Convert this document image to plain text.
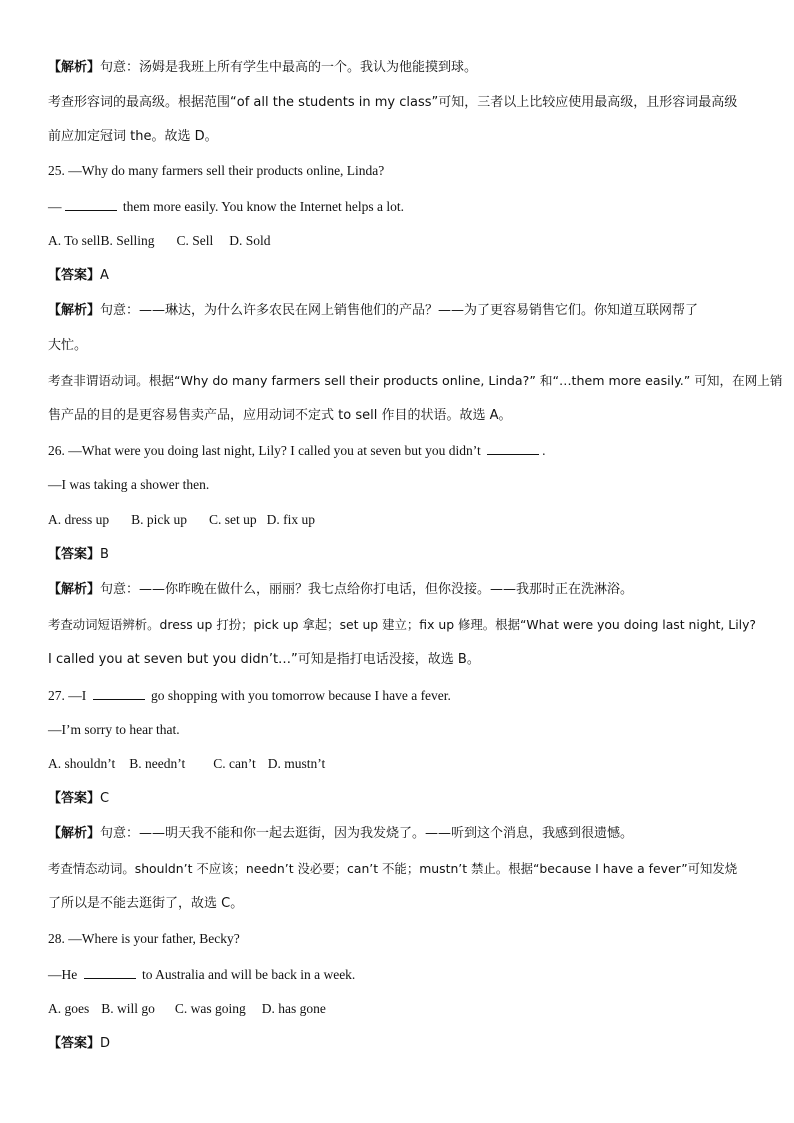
【解析】句意：汤姆是我班上所有学生中最高的一个。我认为他能摸到球。
考查形容词的最高级。根据范围“of all the students in my class”可知，三者以上比较应使用最高级，且形容词最高级
前应加定冠词 the。故选 D。
25. —Why do many farmers sell their products online, Linda?
—	them more easily. You know the Internet helps a lot.
A. To sellB. Selling C. Sell D. Sold
【答案】A
【解析】句意：——琳达，为什么许多农民在网上销售他们的产品？——为了更容易销售它们。你知道互联网帮了
大忙。
考查非谓语动词。根据“Why do many farmers sell their products online, Linda?” 和“…them more easily.” 可知，在网上销
售产品的目的是更容易售卖产品，应用动词不定式 to sell 作目的状语。故选 A。
26. —What were you doing last night, Lily? I called you at seven but you didn’t	.
—I was taking a shower then.
A. dress up B. pick up C. set up D. fix up
【答案】B
【解析】句意：——你昨晚在做什么，丽丽？我七点给你打电话，但你没接。——我那时正在洗淋浴。
考查动词短语辨析。dress up 打扮；pick up 拿起；set up 建立；fix up 修理。根据“What were you doing last night, Lily?
I called you at seven but you didn’t…”可知是指打电话没接，故选 B。
27. —I	go shopping with you tomorrow because I have a fever.
—I’m sorry to hear that.
A. shouldn’t B. needn’t C. can’t D. mustn’t
【答案】C
【解析】句意：——明天我不能和你一起去逛街，因为我发烧了。——听到这个消息，我感到很遗憾。
考查情态动词。shouldn’t 不应该；needn’t 没必要；can’t 不能；mustn’t 禁止。根据“because I have a fever”可知发烧
了所以是不能去逛街了，故选 C。
28. —Where is your father, Becky?
—He	to Australia and will be back in a week.
A. goes B. will go C. was going D. has gone
【答案】D
